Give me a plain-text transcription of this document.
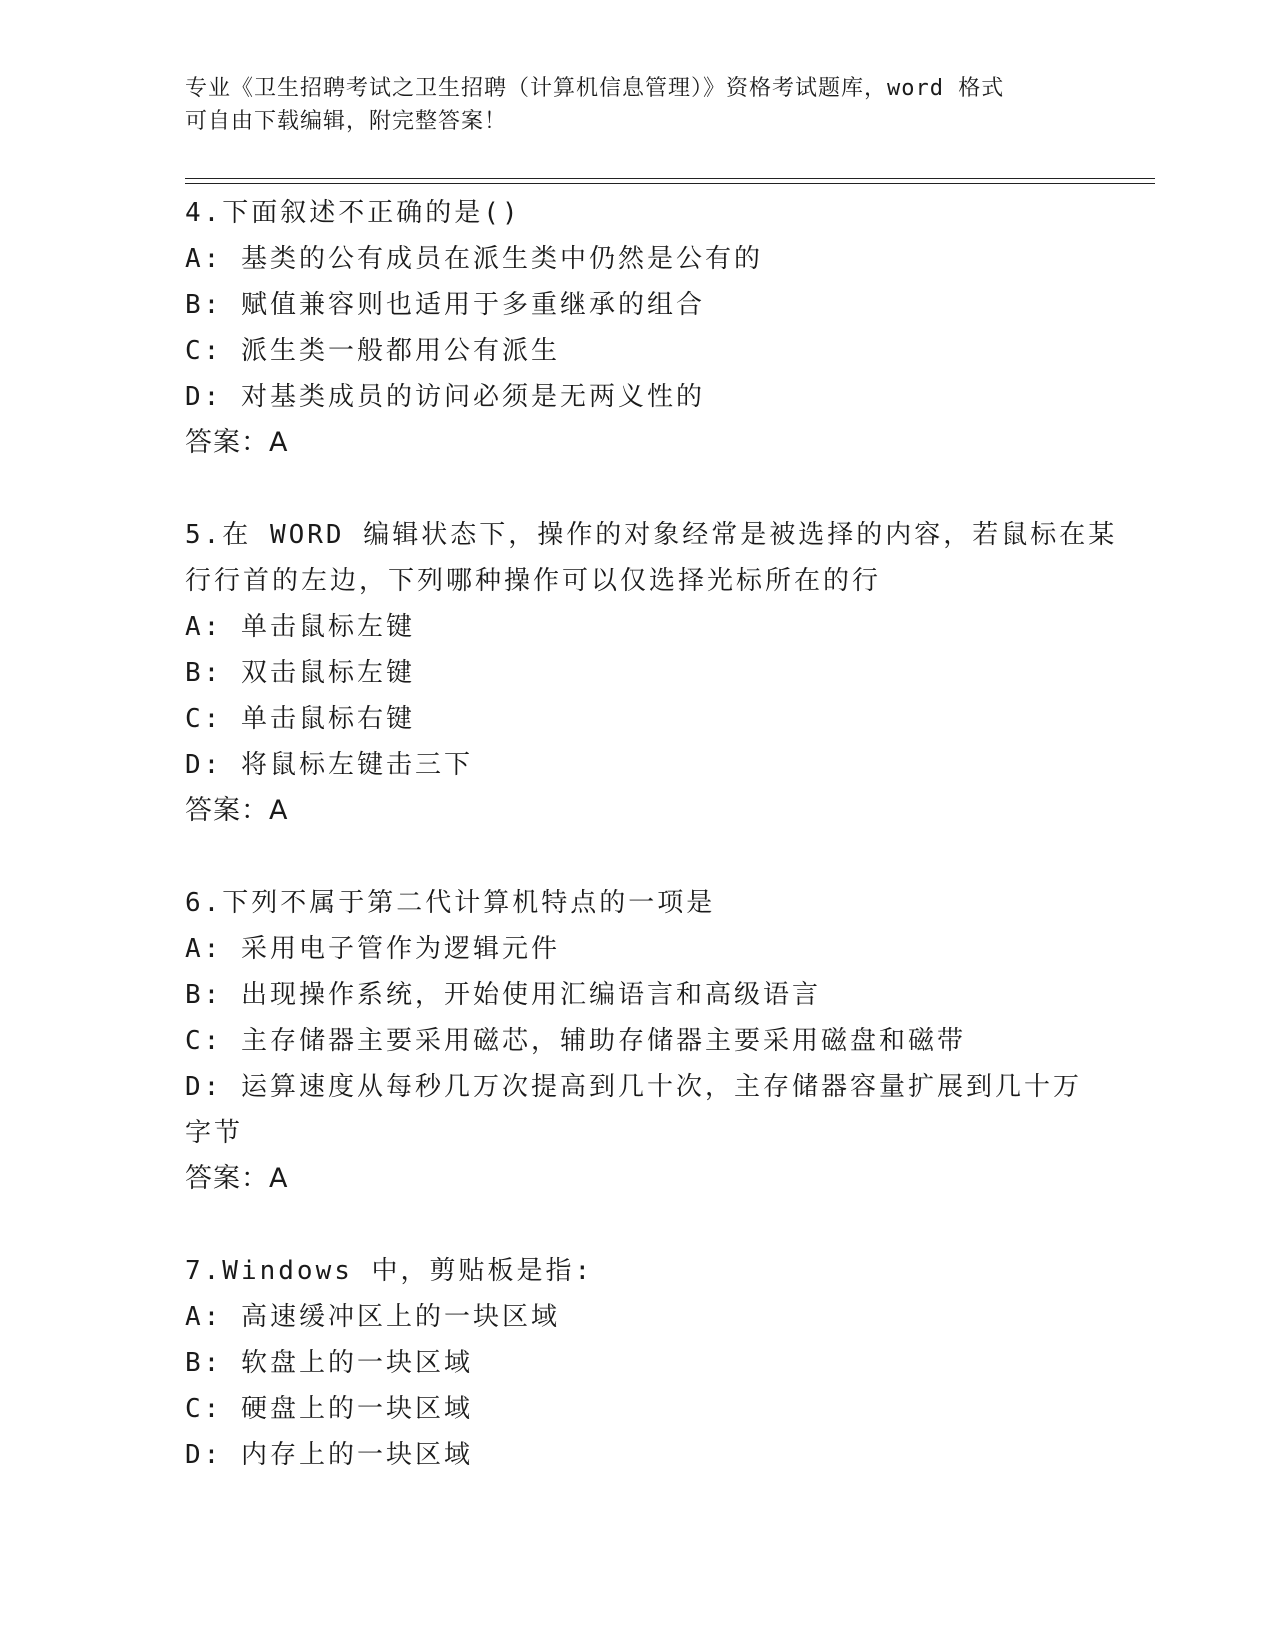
专业《卫生招聘考试之卫生招聘（计算机信息管理）》资格考试题库，word 格式
可自由下载编辑，附完整答案！
4.下面叙述不正确的是()
A: 基类的公有成员在派生类中仍然是公有的
B: 赋值兼容则也适用于多重继承的组合
C: 派生类一般都用公有派生
D: 对基类成员的访问必须是无两义性的
答案：A
5.在 WORD 编辑状态下，操作的对象经常是被选择的内容，若鼠标在某
行行首的左边，下列哪种操作可以仅选择光标所在的行
A: 单击鼠标左键
B: 双击鼠标左键
C: 单击鼠标右键
D: 将鼠标左键击三下
答案：A
6.下列不属于第二代计算机特点的一项是
A: 采用电子管作为逻辑元件
B: 出现操作系统，开始使用汇编语言和高级语言
C: 主存储器主要采用磁芯，辅助存储器主要采用磁盘和磁带
D: 运算速度从每秒几万次提高到几十次，主存储器容量扩展到几十万
字节
答案：A
7.Windows 中，剪贴板是指:
A: 高速缓冲区上的一块区域
B: 软盘上的一块区域
C: 硬盘上的一块区域
D: 内存上的一块区域
